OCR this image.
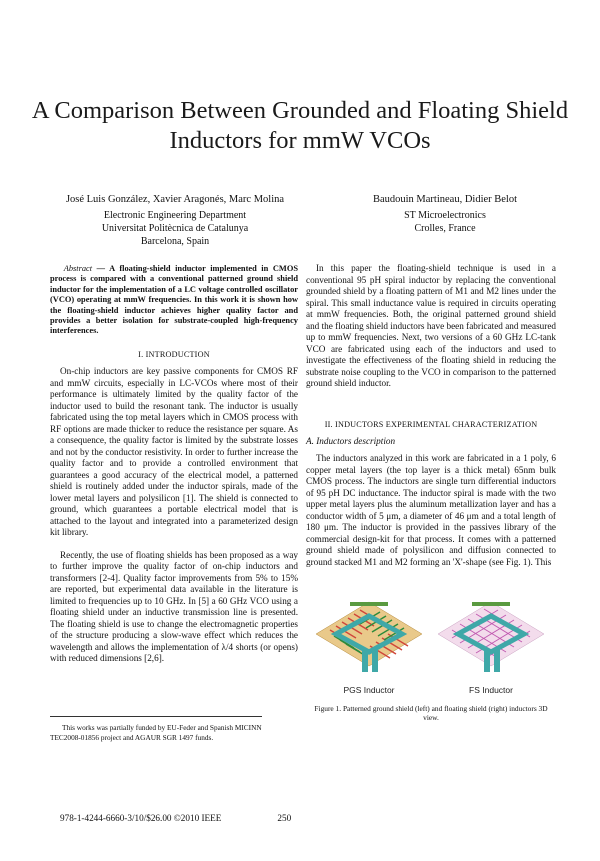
A Comparison Between Grounded and Floating Shield
Inductors for mmW VCOs
José Luis González, Xavier Aragonés, Marc Molina
Electronic Engineering Department
Universitat Politècnica de Catalunya
Barcelona, Spain
Baudouin Martineau, Didier Belot
ST Microelectronics
Crolles, France
Abstract — A floating-shield inductor implemented in CMOS process is compared with a conventional patterned ground shield inductor for the implementation of a LC voltage controlled oscillator (VCO) operating at mmW frequencies. In this work it is shown how the floating-shield inductor achieves higher quality factor and provides a better isolation for substrate-coupled high-frequency interferences.
I. INTRODUCTION

On-chip inductors are key passive components for CMOS RF and mmW circuits, especially in LC-VCOs where most of their performance is ultimately limited by the quality factor of the inductor used to build the resonant tank. The inductor is usually fabricated using the top metal layers which in CMOS process with RF options are made thicker to reduce the resistance per square. As a consequence, the quality factor is limited by the substrate losses and not by the conductor resistivity. In order to further increase the quality factor and to provide a controlled environment that guarantees a good accuracy of the electrical model, a patterned shield is routinely added under the inductor spirals, made of the lower metal layers and polysilicon [1]. The shield is connected to ground, which guarantees a portable electrical model that is attached to the layout and integrated into a parameterized design kit library.

Recently, the use of floating shields has been proposed as a way to further improve the quality factor of on-chip inductors and transformers [2-4]. Quality factor improvements from 5% to 15% are reported, but experimental data available in the literature is limited to frequencies up to 10 GHz. In [5] a 60 GHz VCO using a floating shield under an inductive transmission line is presented. The floating shield is use to change the electromagnetic properties of the structure producing a slow-wave effect which reduces the wavelength and allows the implementation of λ/4 shorts (or opens) with reduced dimensions [2,6].

In this paper the floating-shield technique is used in a conventional 95 pH spiral inductor by replacing the conventional grounded shield by a floating pattern of M1 and M2 lines under the spiral. This small inductance value is required in circuits operating at mmW frequencies. Both, the original patterned ground shield and the floating shield inductors have been fabricated and measured up to mmW frequencies. Next, two versions of a 60 GHz LC-tank VCO are fabricated using each of the inductors and used to investigate the effectiveness of the floating shield in reducing the substrate noise coupling to the VCO in comparison to the patterned ground shield inductor.

II. INDUCTORS EXPERIMENTAL CHARACTERIZATION
A. Inductors description

The inductors analyzed in this work are fabricated in a 1 poly, 6 copper metal layers (the top layer is a thick metal) 65nm bulk CMOS process. The inductors are single turn differential inductors of 95 pH DC inductance. The inductor spiral is made with the two upper metal layers plus the aluminum metallization layer and has a conductor width of 5 μm, a diameter of 46 μm and a total length of 180 μm. The inductor is provided in the passives library of the commercial design-kit for that process. It comes with a patterned ground shield made of polysilicon and diffusion connected to ground stacked M1 and M2 forming an 'X'-shape (see Fig. 1). This

PGS Inductor	FS Inductor
Figure 1. Patterned ground shield (left) and floating shield (right) inductors 3D view.

This works was partially funded by EU-Feder and Spanish MICINN

TEC2008-01856 project and AGAUR SGR 1497 funds.
978-1-4244-6660-3/10/$26.00 ©2010 IEEE	250
